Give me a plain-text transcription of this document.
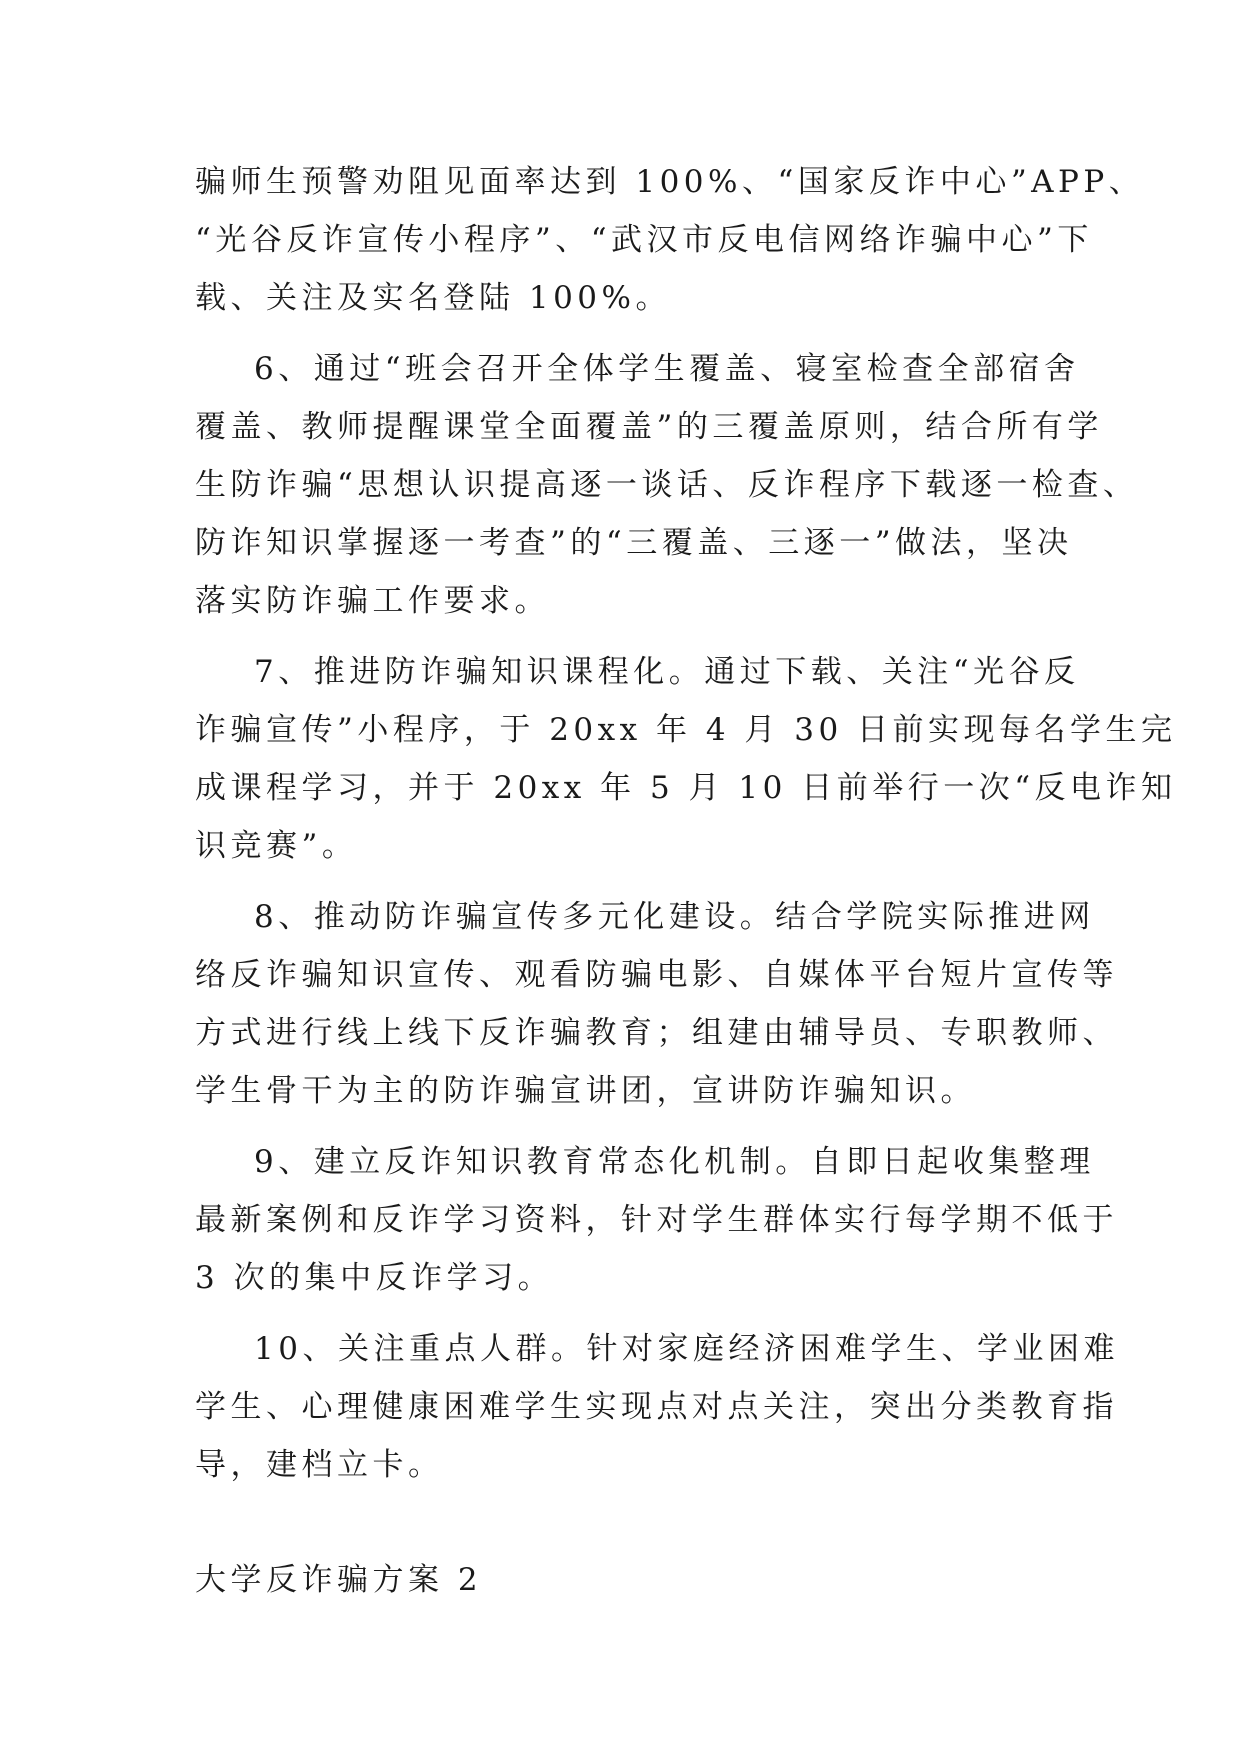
骗师生预警劝阻见面率达到 100%、“国家反诈中心”APP、
“光谷反诈宣传小程序”、“武汉市反电信网络诈骗中心”下
载、关注及实名登陆 100%。
6、通过“班会召开全体学生覆盖、寝室检查全部宿舍
覆盖、教师提醒课堂全面覆盖”的三覆盖原则，结合所有学
生防诈骗“思想认识提高逐一谈话、反诈程序下载逐一检查、
防诈知识掌握逐一考查”的“三覆盖、三逐一”做法，坚决
落实防诈骗工作要求。
7、推进防诈骗知识课程化。通过下载、关注“光谷反
诈骗宣传”小程序，于 20xx 年 4 月 30 日前实现每名学生完
成课程学习，并于 20xx 年 5 月 10 日前举行一次“反电诈知
识竞赛”。
8、推动防诈骗宣传多元化建设。结合学院实际推进网
络反诈骗知识宣传、观看防骗电影、自媒体平台短片宣传等
方式进行线上线下反诈骗教育；组建由辅导员、专职教师、
学生骨干为主的防诈骗宣讲团，宣讲防诈骗知识。
9、建立反诈知识教育常态化机制。自即日起收集整理
最新案例和反诈学习资料，针对学生群体实行每学期不低于
3 次的集中反诈学习。
10、关注重点人群。针对家庭经济困难学生、学业困难
学生、心理健康困难学生实现点对点关注，突出分类教育指
导，建档立卡。
大学反诈骗方案 2
